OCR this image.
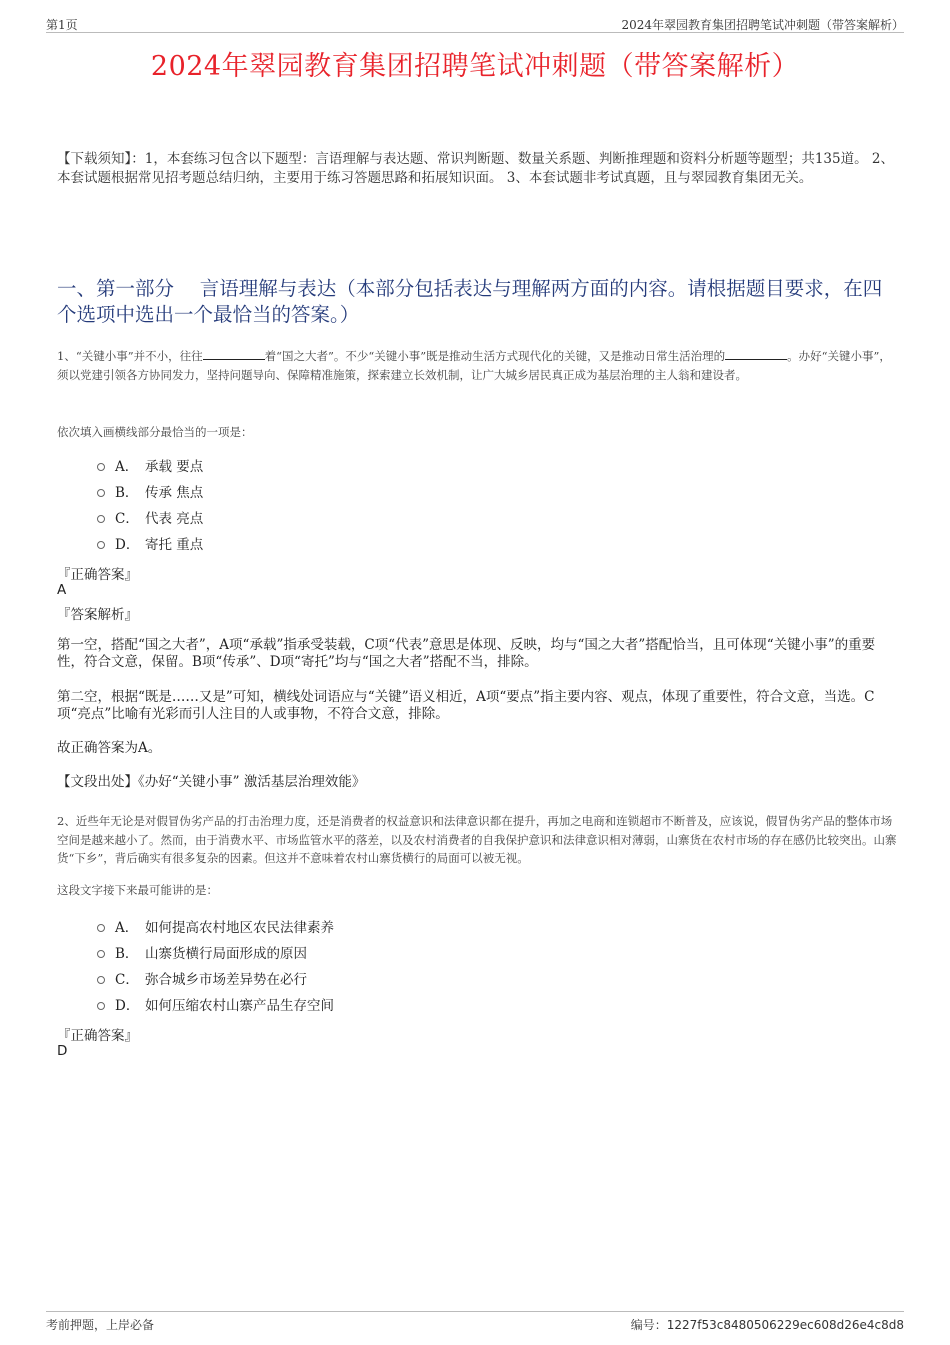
第1页	2024年翠园教育集团招聘笔试冲刺题（带答案解析）
2024年翠园教育集团招聘笔试冲刺题（带答案解析）
【下载须知】：1，本套练习包含以下题型：言语理解与表达题、常识判断题、数量关系题、判断推理题和资料分析题等题型；共135道。 2、本套试题根据常见招考题总结归纳，主要用于练习答题思路和拓展知识面。 3、本套试题非考试真题，且与翠园教育集团无关。
一、第一部分　 言语理解与表达（本部分包括表达与理解两方面的内容。请根据题目要求，在四个选项中选出一个最恰当的答案。）
1、“关键小事”并不小，往往	着“国之大者”。不少“关键小事”既是推动生活方式现代化的关键，又是推动日常生活治理的	。办好“关键小事”，须以党建引领各方协同发力，坚持问题导向、保障精准施策，探索建立长效机制，让广大城乡居民真正成为基层治理的主人翁和建设者。
依次填入画横线部分最恰当的一项是：
A． 承载 要点
B． 传承 焦点
C． 代表 亮点
D． 寄托 重点
『正确答案』
A
『答案解析』
第一空，搭配“国之大者”，A项“承载”指承受装载，C项“代表”意思是体现、反映，均与“国之大者”搭配恰当，且可体现“关键小事”的重要性，符合文意，保留。B项“传承”、D项“寄托”均与“国之大者”搭配不当，排除。
第二空，根据“既是……又是”可知，横线处词语应与“关键”语义相近，A项“要点”指主要内容、观点，体现了重要性，符合文意，当选。C项“亮点”比喻有光彩而引人注目的人或事物，不符合文意，排除。
故正确答案为A。
【文段出处】《办好“关键小事” 激活基层治理效能》
2、近些年无论是对假冒伪劣产品的打击治理力度，还是消费者的权益意识和法律意识都在提升，再加之电商和连锁超市不断普及，应该说，假冒伪劣产品的整体市场空间是越来越小了。然而，由于消费水平、市场监管水平的落差，以及农村消费者的自我保护意识和法律意识相对薄弱，山寨货在农村市场的存在感仍比较突出。山寨货“下乡”，背后确实有很多复杂的因素。但这并不意味着农村山寨货横行的局面可以被无视。
这段文字接下来最可能讲的是：
A． 如何提高农村地区农民法律素养
B． 山寨货横行局面形成的原因
C． 弥合城乡市场差异势在必行
D． 如何压缩农村山寨产品生存空间
『正确答案』
D
考前押题，上岸必备	编号：1227f53c8480506229ec608d26e4c8d8
